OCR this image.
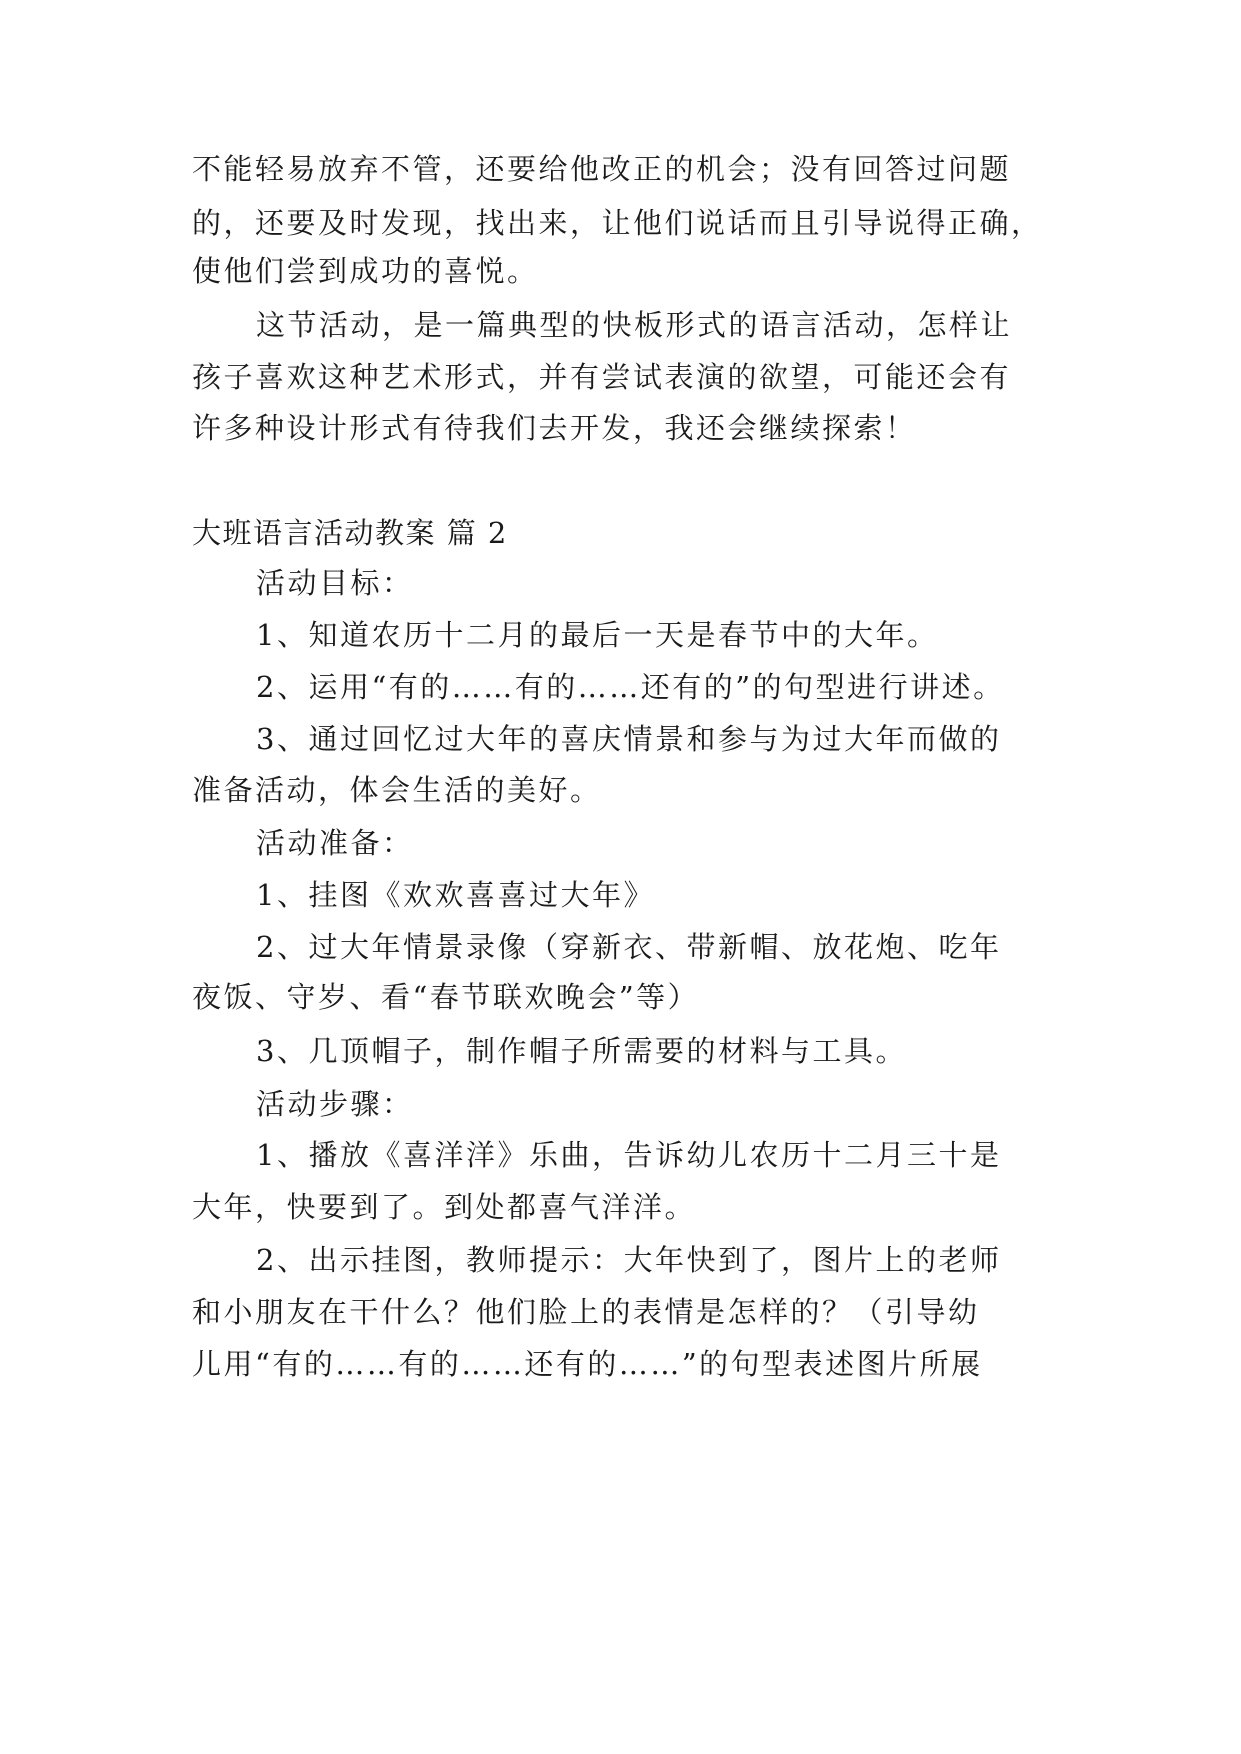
不能轻易放弃不管，还要给他改正的机会；没有回答过问题
的，还要及时发现，找出来，让他们说话而且引导说得正确，
使他们尝到成功的喜悦。
这节活动，是一篇典型的快板形式的语言活动，怎样让
孩子喜欢这种艺术形式，并有尝试表演的欲望，可能还会有
许多种设计形式有待我们去开发，我还会继续探索！
大班语言活动教案 篇 2
活动目标：
1、知道农历十二月的最后一天是春节中的大年。
2、运用“有的……有的……还有的”的句型进行讲述。
3、通过回忆过大年的喜庆情景和参与为过大年而做的
准备活动，体会生活的美好。
活动准备：
1、挂图《欢欢喜喜过大年》
2、过大年情景录像（穿新衣、带新帽、放花炮、吃年
夜饭、守岁、看“春节联欢晚会”等）
3、几顶帽子，制作帽子所需要的材料与工具。
活动步骤：
1、播放《喜洋洋》乐曲，告诉幼儿农历十二月三十是
大年，快要到了。到处都喜气洋洋。
2、出示挂图，教师提示：大年快到了，图片上的老师
和小朋友在干什么？他们脸上的表情是怎样的？（引导幼
儿用“有的……有的……还有的……”的句型表述图片所展
